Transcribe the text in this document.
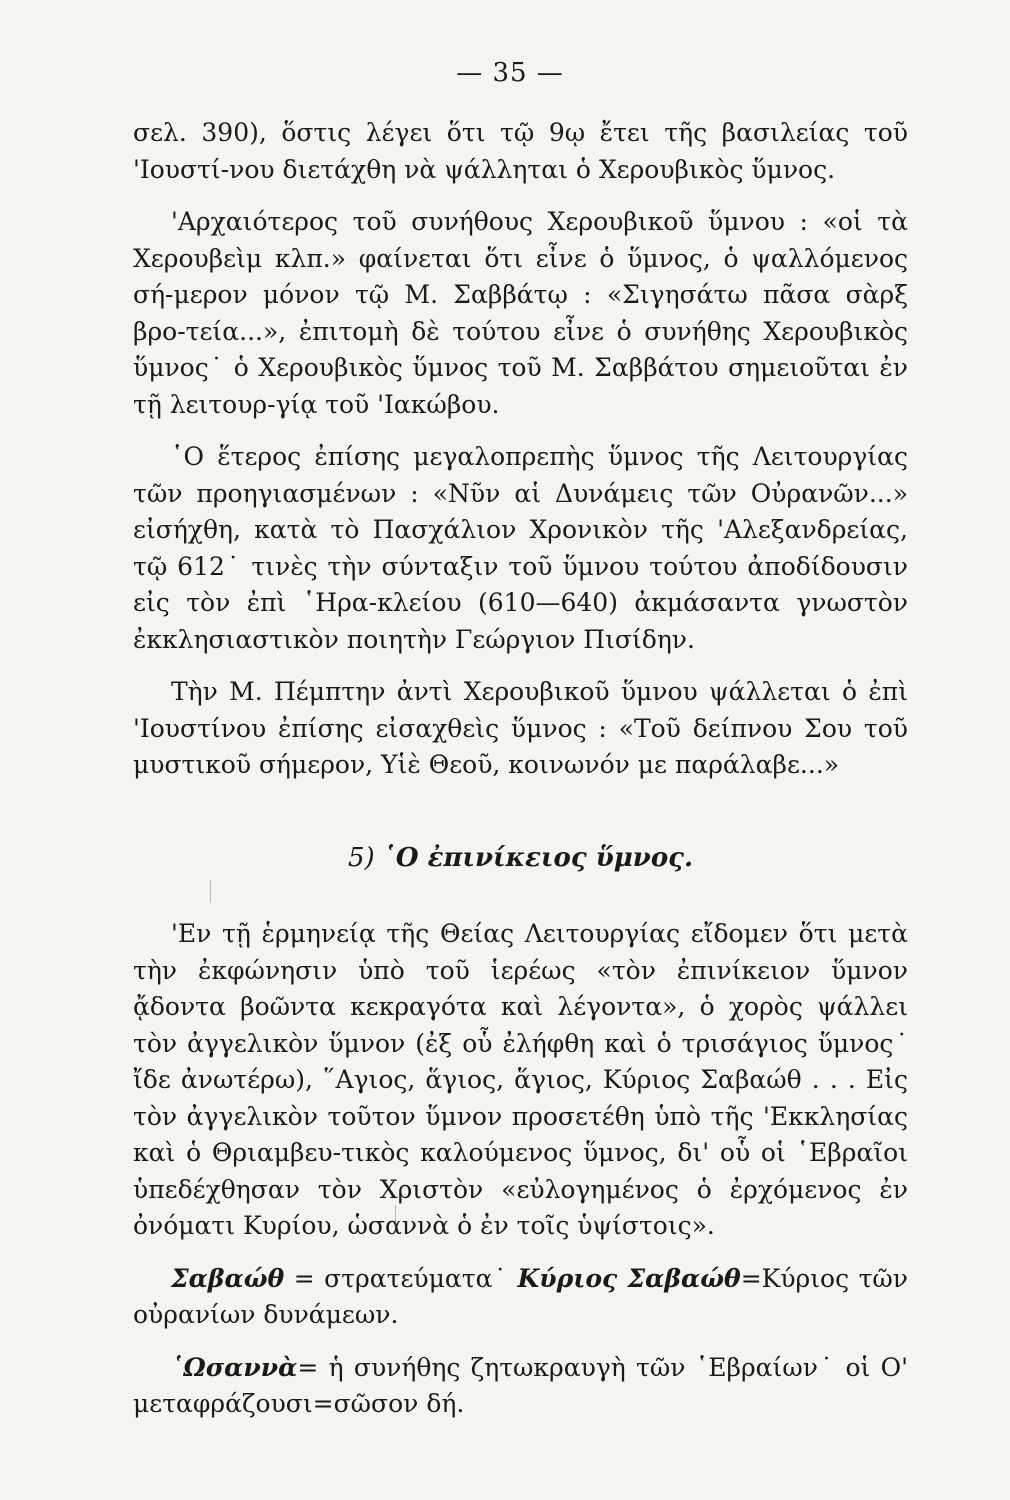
— 35 —

σελ. 390), ὅστις λέγει ὅτι τῷ 9ῳ ἔτει τῆς βασιλείας τοῦ 'Ιουστί-νου διετάχθη νὰ ψάλληται ὁ Χερουβικὸς ὕμνος.

'Αρχαιότερος τοῦ συνήθους Χερουβικοῦ ὕμνου : «οἱ τὰ Χερουβεὶμ κλπ.» φαίνεται ὅτι εἶνε ὁ ὕμνος, ὁ ψαλλόμενος σή-μερον μόνον τῷ Μ. Σαββάτῳ : «Σιγησάτω πᾶσα σὰρξ βρο-τεία...», ἐπιτομὴ δὲ τούτου εἶνε ὁ συνήθης Χερουβικὸς ὕμνος˙ ὁ Χερουβικὸς ὕμνος τοῦ Μ. Σαββάτου σημειοῦται ἐν τῇ λειτουρ-γίᾳ τοῦ 'Ιακώβου.

῾Ο ἕτερος ἐπίσης μεγαλοπρεπὴς ὕμνος τῆς Λειτουργίας τῶν προηγιασμένων : «Νῦν αἱ Δυνάμεις τῶν Οὐρανῶν...» εἰσήχθη, κατὰ τὸ Πασχάλιον Χρονικὸν τῆς 'Αλεξανδρείας, τῷ 612˙ τινὲς τὴν σύνταξιν τοῦ ὕμνου τούτου ἀποδίδουσιν εἰς τὸν ἐπὶ ῾Ηρα-κλείου (610—640) ἀκμάσαντα γνωστὸν ἐκκλησιαστικὸν ποιητὴν Γεώργιον Πισίδην.

Τὴν Μ. Πέμπτην ἀντὶ Χερουβικοῦ ὕμνου ψάλλεται ὁ ἐπὶ 'Ιουστίνου ἐπίσης εἰσαχθεὶς ὕμνος : «Τοῦ δείπνου Σου τοῦ μυστικοῦ σήμερον, Υἱὲ Θεοῦ, κοινωνόν με παράλαβε...»

5) ῾Ο ἐπινίκειος ὕμνος.

'Εν τῇ ἑρμηνείᾳ τῆς Θείας Λειτουργίας εἴδομεν ὅτι μετὰ τὴν ἐκφώνησιν ὑπὸ τοῦ ἱερέως «τὸν ἐπινίκειον ὕμνον ᾄδοντα βοῶντα κεκραγότα καὶ λέγοντα», ὁ χορὸς ψάλλει τὸν ἀγγελικὸν ὕμνον (ἐξ οὗ ἐλήφθη καὶ ὁ τρισάγιος ὕμνος˙ ἴδε ἀνωτέρω), ῞Αγιος, ἅγιος, ἅγιος, Κύριος Σαβαώθ . . . Εἰς τὸν ἀγγελικὸν τοῦτον ὕμνον προσετέθη ὑπὸ τῆς 'Εκκλησίας καὶ ὁ Θριαμβευ-τικὸς καλούμενος ὕμνος, δι' οὗ οἱ ῾Εβραῖοι ὑπεδέχθησαν τὸν Χριστὸν «εὐλογημένος ὁ ἐρχόμενος ἐν ὀνόματι Κυρίου, ὡσαννὰ ὁ ἐν τοῖς ὑψίστοις».

Σαβαώθ = στρατεύματα˙ Κύριος Σαβαώθ=Κύριος τῶν οὐρανίων δυνάμεων.

῾Ωσαννὰ= ἡ συνήθης ζητωκραυγὴ τῶν ῾Εβραίων˙ οἱ Ο' μεταφράζουσι=σῶσον δή.
